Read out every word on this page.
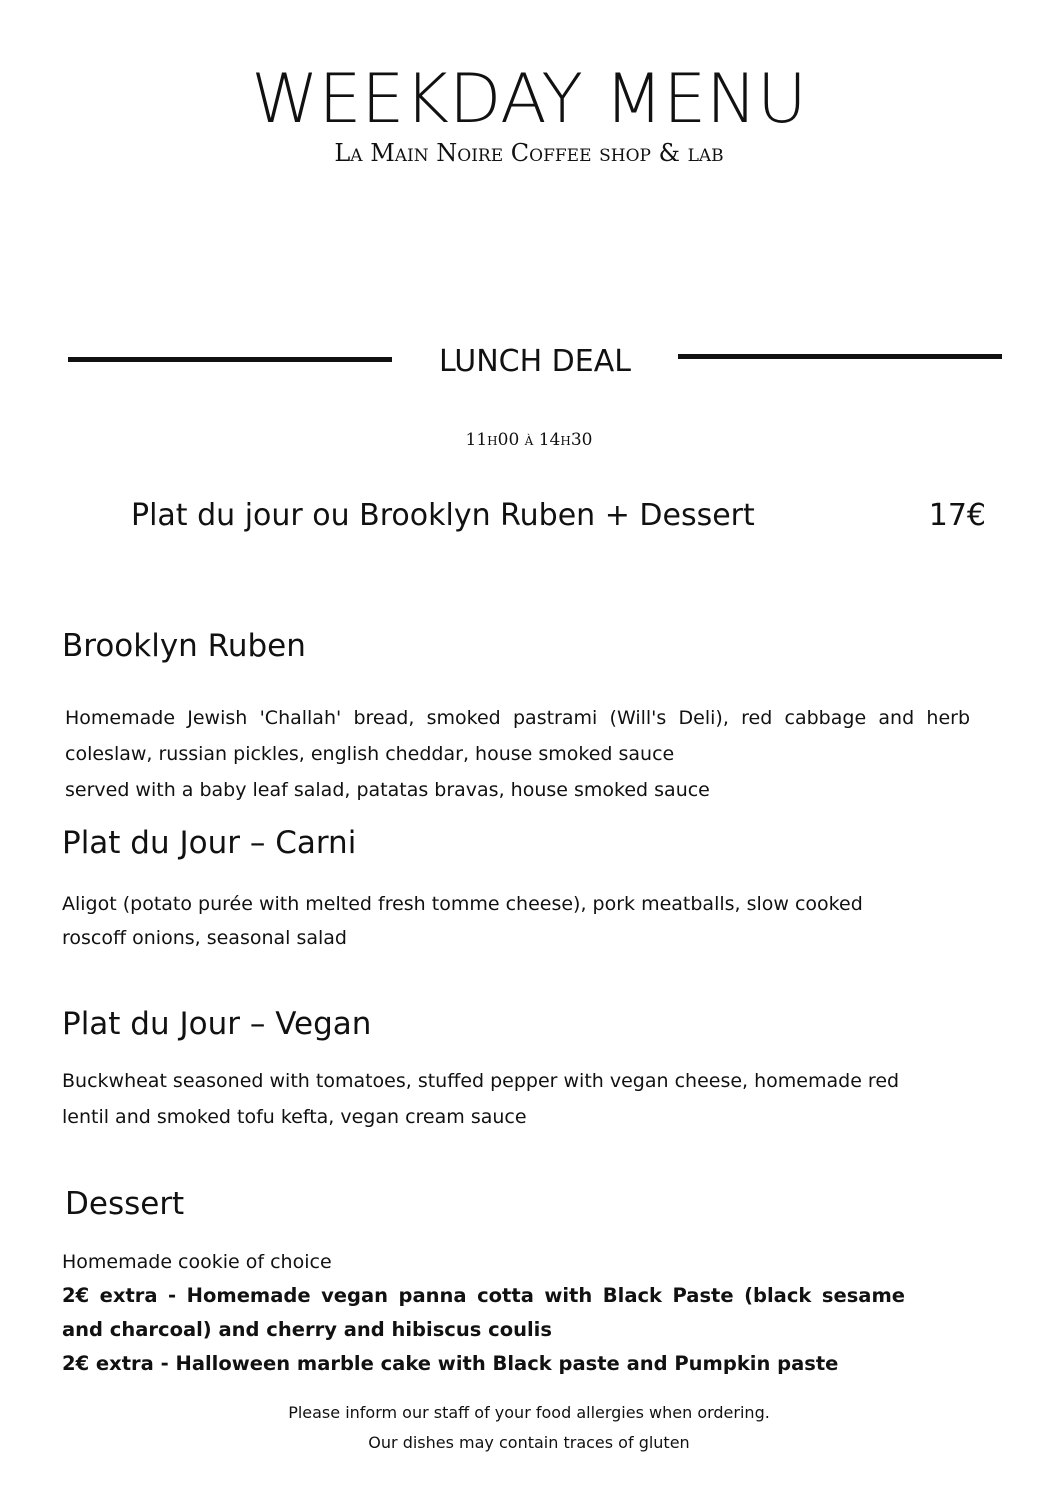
WEEKDAY MENU
La Main Noire Coffee shop & lab
LUNCH DEAL
11h00 à 14h30
Plat du jour ou Brooklyn Ruben + Dessert	17€
Brooklyn Ruben
Homemade Jewish 'Challah' bread, smoked pastrami (Will's Deli), red cabbage and herb coleslaw, russian pickles, english cheddar, house smoked sauce
served with a baby leaf salad, patatas bravas, house smoked sauce
Plat du Jour – Carni
Aligot (potato purée with melted fresh tomme cheese), pork meatballs, slow cooked roscoff onions, seasonal salad
Plat du Jour – Vegan
Buckwheat seasoned with tomatoes, stuffed pepper with vegan cheese, homemade red lentil and smoked tofu kefta, vegan cream sauce
Dessert
Homemade cookie of choice
2€ extra - Homemade vegan panna cotta with Black Paste (black sesame and charcoal) and cherry and hibiscus coulis
2€ extra - Halloween marble cake with Black paste and Pumpkin paste
Please inform our staff of your food allergies when ordering.
Our dishes may contain traces of gluten
